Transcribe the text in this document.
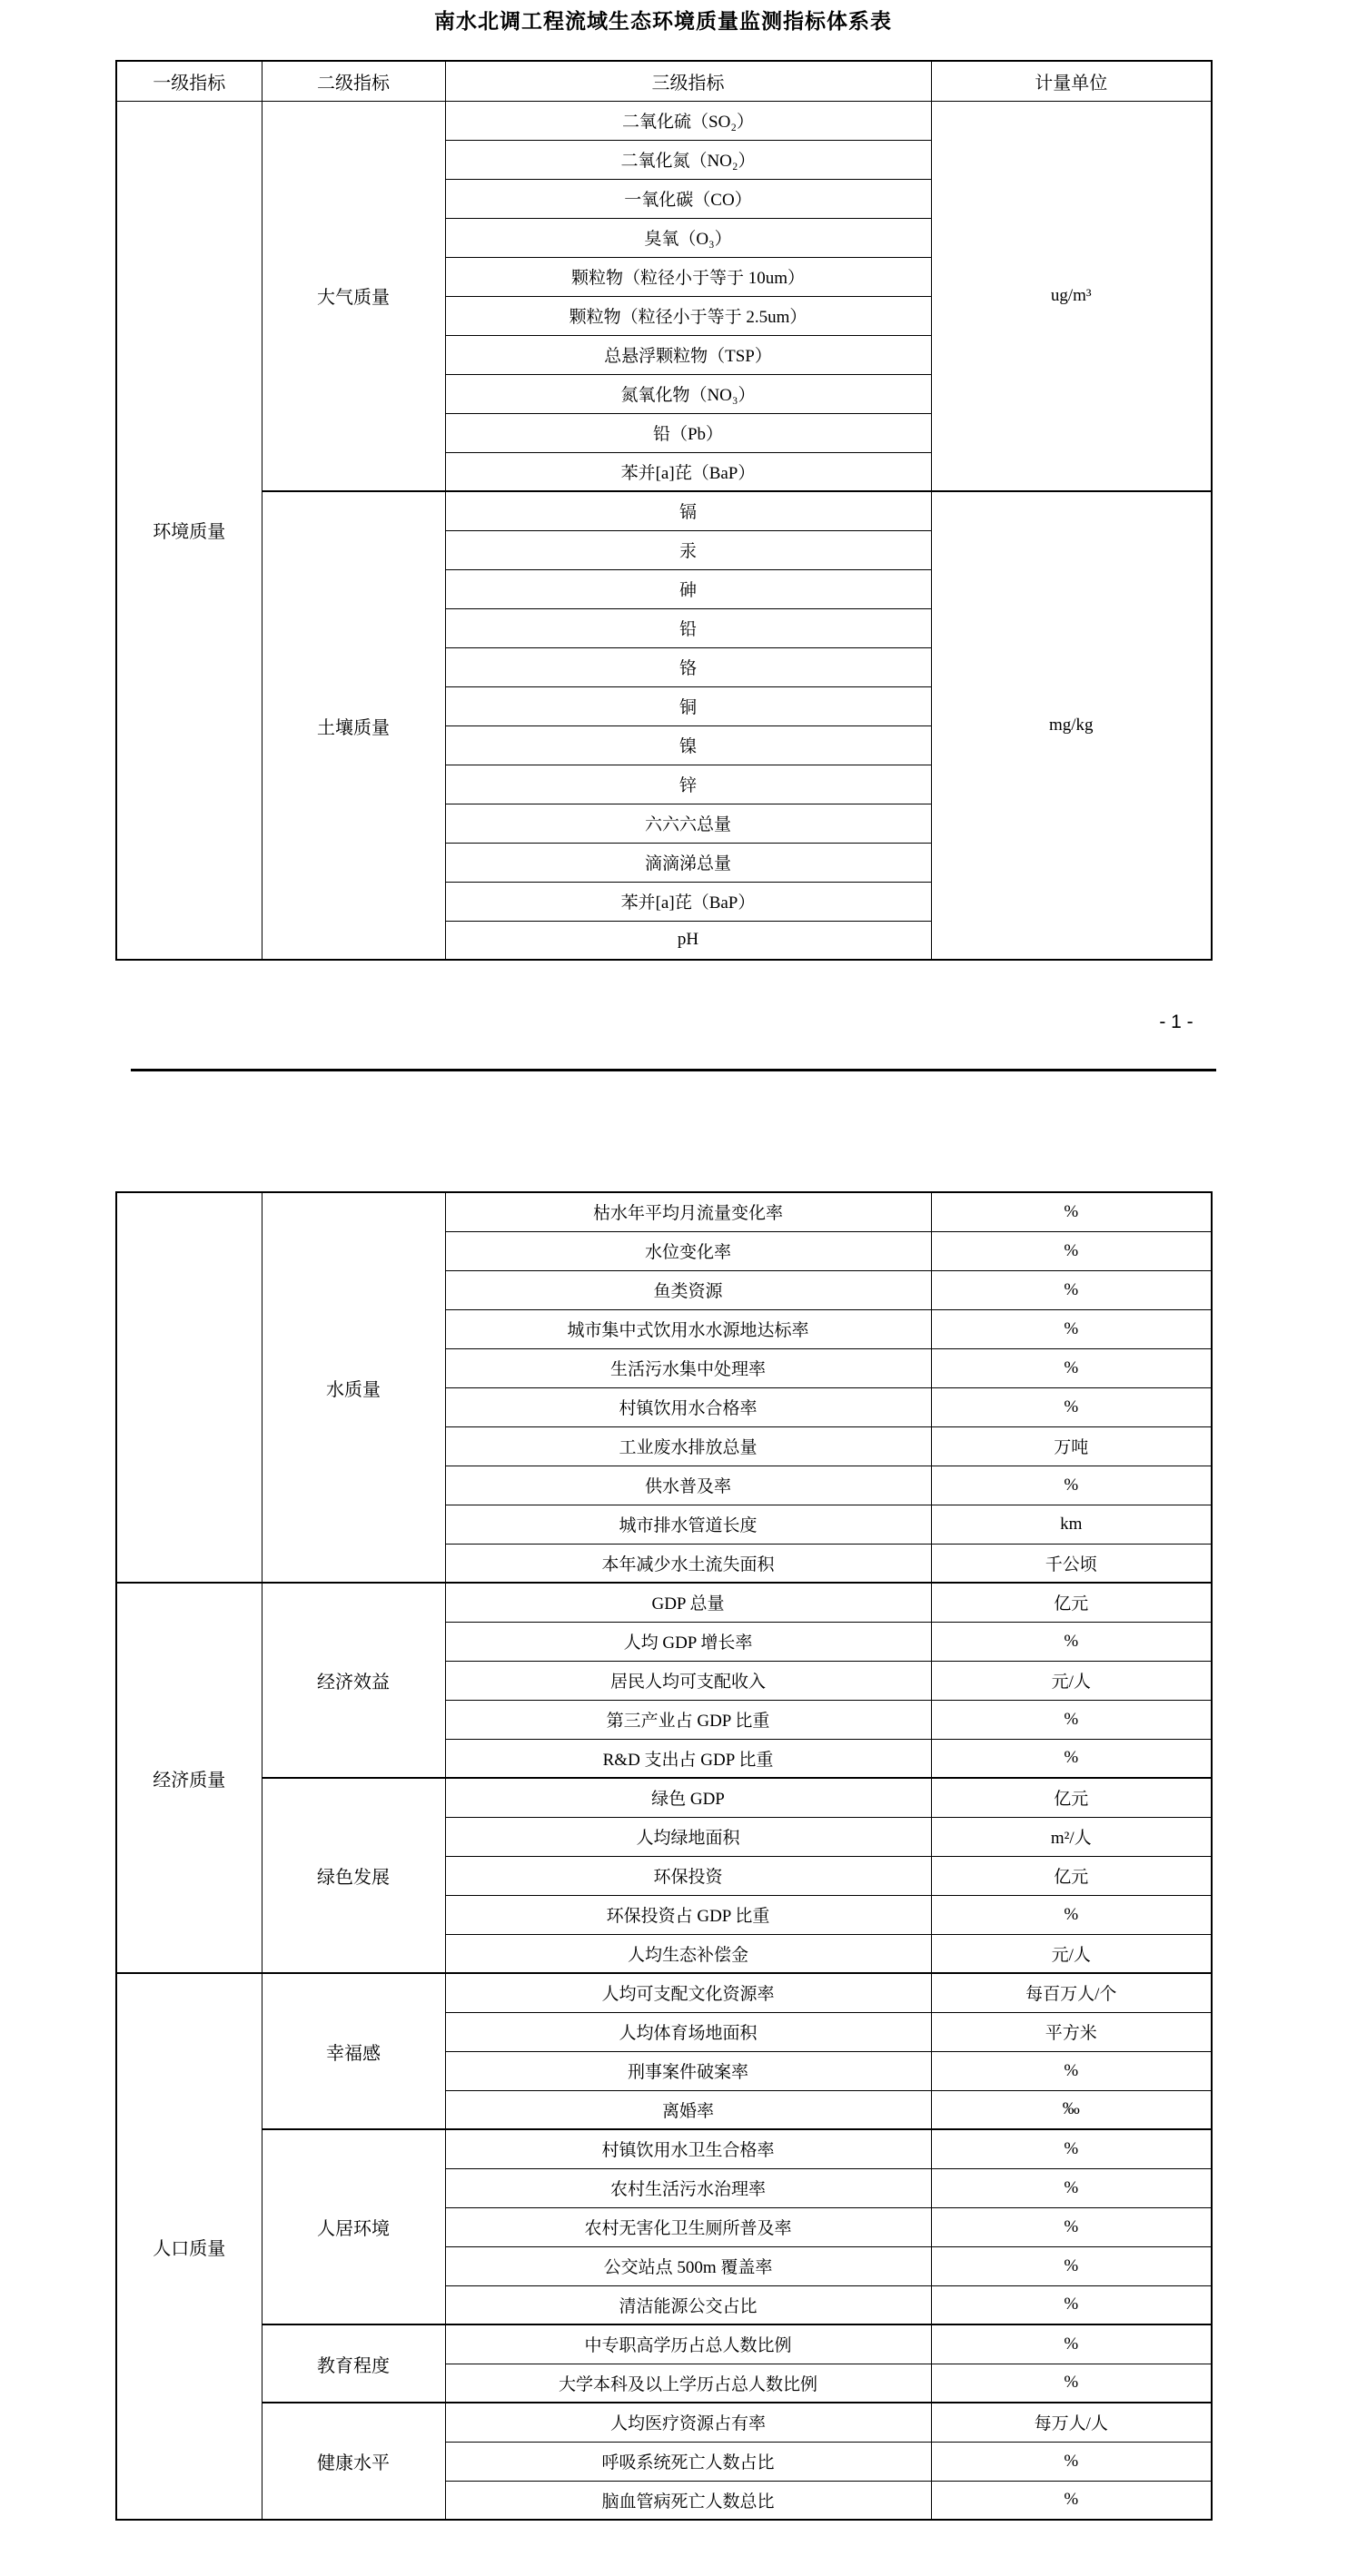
南水北调工程流域生态环境质量监测指标体系表
一级指标	二级指标	三级指标	计量单位
环境质量	大气质量	二氧化硫（SO₂）	ug/m³
		二氧化氮（NO₂）	
		一氧化碳（CO）	
		臭氧（O₃）	
		颗粒物（粒径小于等于 10um）	
		颗粒物（粒径小于等于 2.5um）	
		总悬浮颗粒物（TSP）	
		氮氧化物（NO₃）	
		铅（Pb）	
		苯并[a]芘（BaP）	
	土壤质量	镉	mg/kg
		汞	
		砷	
		铅	
		铬	
		铜	
		镍	
		锌	
		六六六总量	
		滴滴涕总量	
		苯并[a]芘（BaP）	
		pH	
- 1 -
	水质量	枯水年平均月流量变化率	%
		水位变化率	%
		鱼类资源	%
		城市集中式饮用水水源地达标率	%
		生活污水集中处理率	%
		村镇饮用水合格率	%
		工业废水排放总量	万吨
		供水普及率	%
		城市排水管道长度	km
		本年减少水土流失面积	千公顷
经济质量	经济效益	GDP 总量	亿元
		人均 GDP 增长率	%
		居民人均可支配收入	元/人
		第三产业占 GDP 比重	%
		R&D 支出占 GDP 比重	%
	绿色发展	绿色 GDP	亿元
		人均绿地面积	m²/人
		环保投资	亿元
		环保投资占 GDP 比重	%
		人均生态补偿金	元/人
人口质量	幸福感	人均可支配文化资源率	每百万人/个
		人均体育场地面积	平方米
		刑事案件破案率	%
		离婚率	‰
	人居环境	村镇饮用水卫生合格率	%
		农村生活污水治理率	%
		农村无害化卫生厕所普及率	%
		公交站点 500m 覆盖率	%
		清洁能源公交占比	%
	教育程度	中专职高学历占总人数比例	%
		大学本科及以上学历占总人数比例	%
	健康水平	人均医疗资源占有率	每万人/人
		呼吸系统死亡人数占比	%
		脑血管病死亡人数总比	%
